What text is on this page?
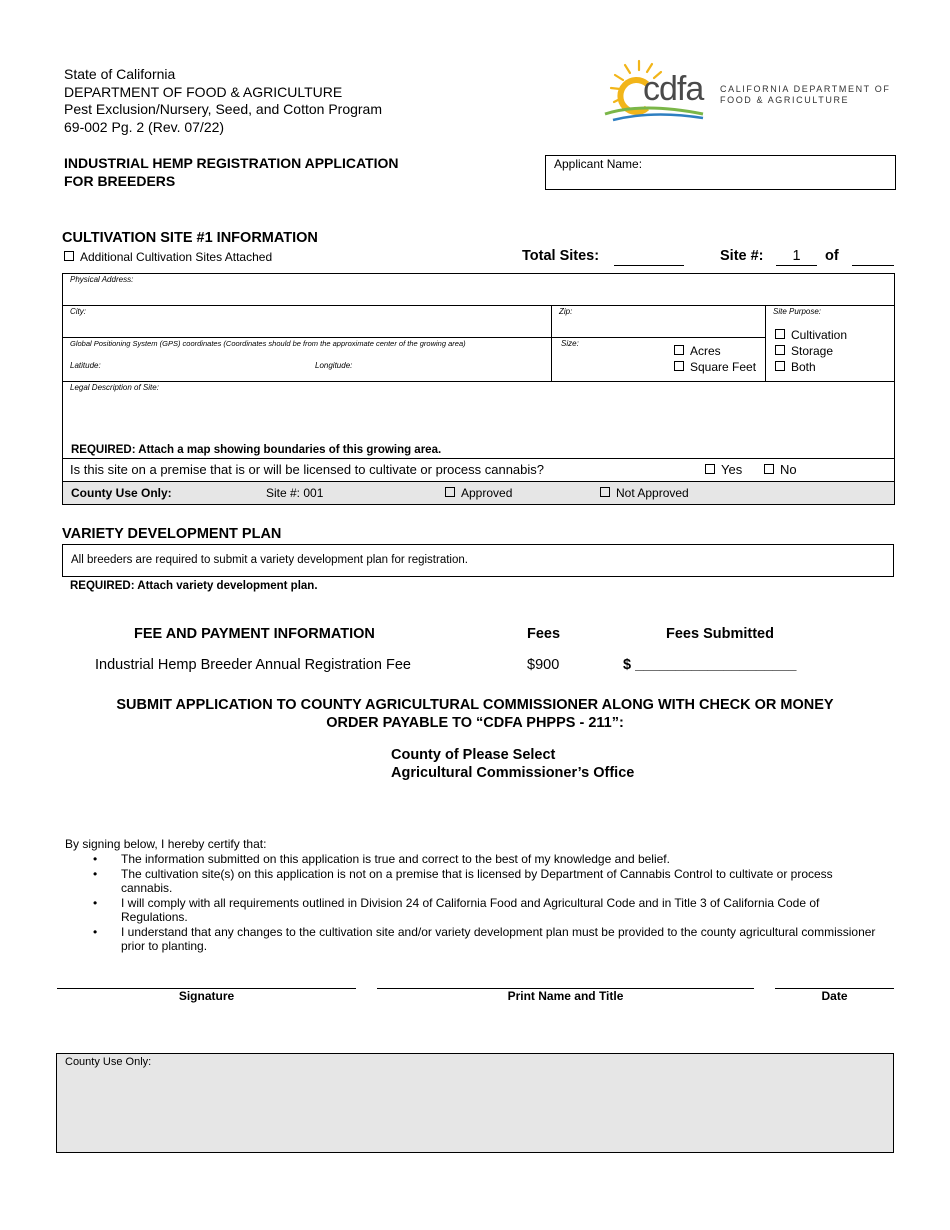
State of California
DEPARTMENT OF FOOD & AGRICULTURE
Pest Exclusion/Nursery, Seed, and Cotton Program
69-002 Pg. 2 (Rev. 07/22)
cdfa CALIFORNIA DEPARTMENT OF
FOOD & AGRICULTURE
INDUSTRIAL HEMP REGISTRATION APPLICATION
FOR BREEDERS
Applicant Name:
CULTIVATION SITE #1 INFORMATION
Additional Cultivation Sites Attached	Total Sites:	Site #:	1	of
Physical Address:
City:	Zip:	Site Purpose:
Cultivation
Storage
Both
Global Positioning System (GPS) coordinates (Coordinates should be from the approximate center of the growing area)
Latitude:	Longitude:
Size:
Acres
Square Feet
Legal Description of Site:
REQUIRED: Attach a map showing boundaries of this growing area.
Is this site on a premise that is or will be licensed to cultivate or process cannabis?	Yes	No
County Use Only:	Site #: 001	Approved	Not Approved
VARIETY DEVELOPMENT PLAN
All breeders are required to submit a variety development plan for registration.
REQUIRED: Attach variety development plan.
FEE AND PAYMENT INFORMATION	Fees	Fees Submitted
Industrial Hemp Breeder Annual Registration Fee	$900	$ ____________________
SUBMIT APPLICATION TO COUNTY AGRICULTURAL COMMISSIONER ALONG WITH CHECK OR MONEY
ORDER PAYABLE TO “CDFA PHPPS - 211”:
County of Please Select
Agricultural Commissioner’s Office
By signing below, I hereby certify that:
• The information submitted on this application is true and correct to the best of my knowledge and belief.
• The cultivation site(s) on this application is not on a premise that is licensed by Department of Cannabis Control to cultivate or process cannabis.
• I will comply with all requirements outlined in Division 24 of California Food and Agricultural Code and in Title 3 of California Code of Regulations.
• I understand that any changes to the cultivation site and/or variety development plan must be provided to the county agricultural commissioner prior to planting.
Signature	Print Name and Title	Date
County Use Only:
